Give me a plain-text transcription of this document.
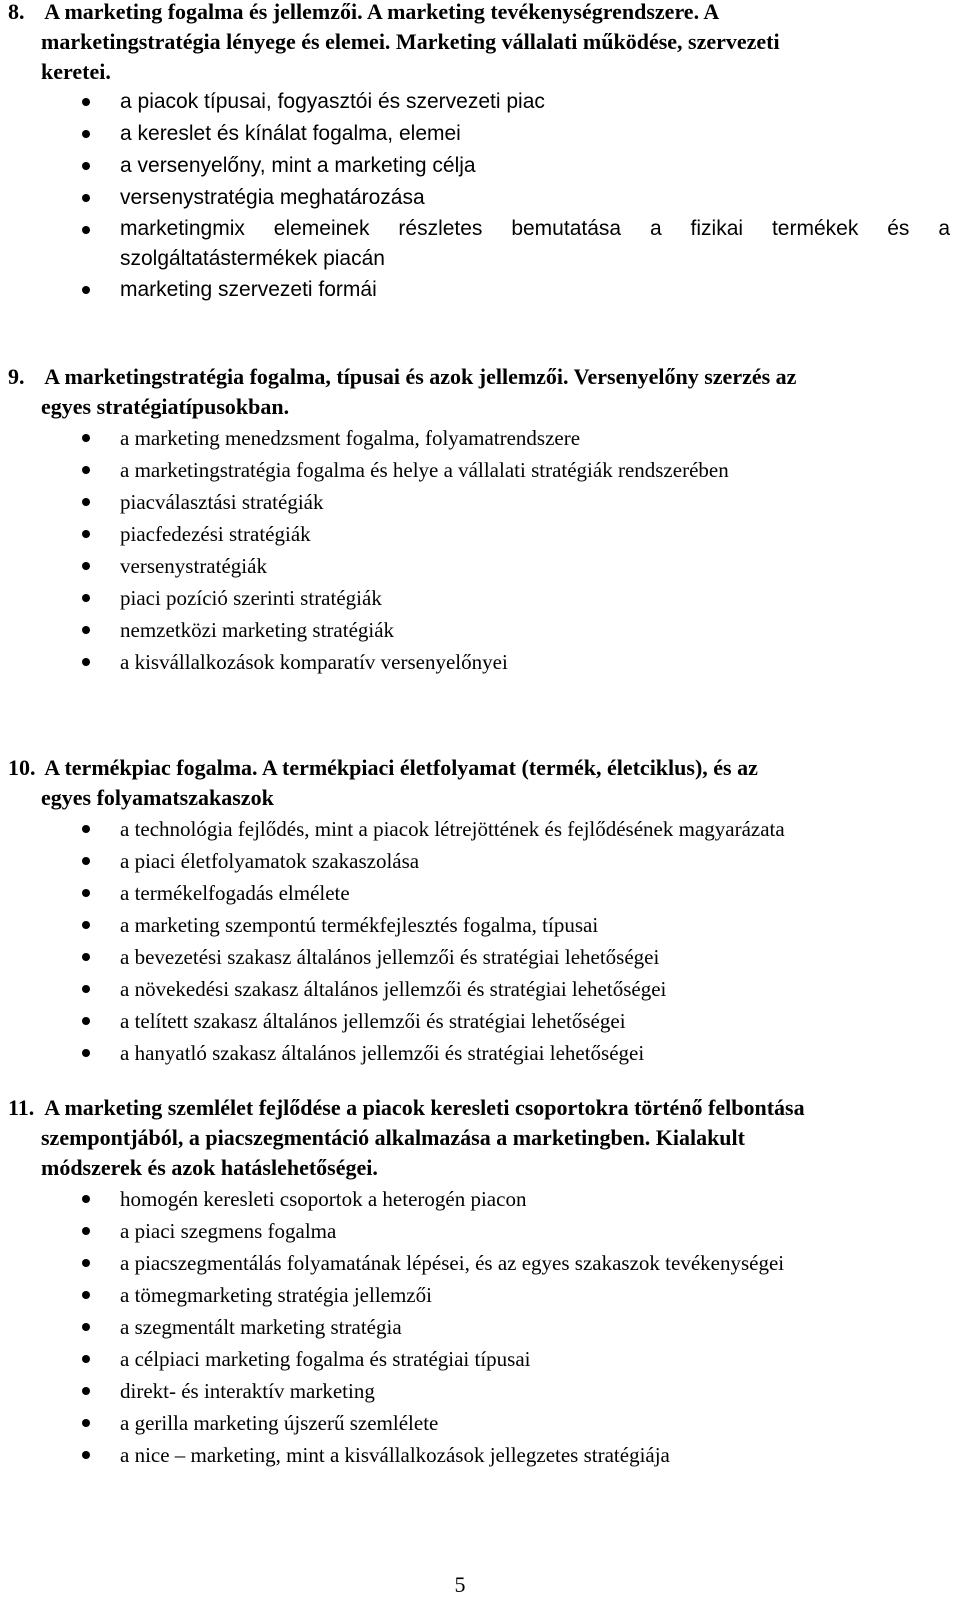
8. A marketing fogalma és jellemzői. A marketing tevékenységrendszere. A
marketingstratégia lényege és elemei. Marketing vállalati működése, szervezeti
keretei.
a piacok típusai, fogyasztói és szervezeti piac
a kereslet és kínálat fogalma, elemei
a versenyelőny, mint a marketing célja
versenystratégia meghatározása
marketingmix elemeinek részletes bemutatása a fizikai termékek és a szolgáltatástermékek piacán
marketing szervezeti formái
9. A marketingstratégia fogalma, típusai és azok jellemzői. Versenyelőny szerzés az
egyes stratégiatípusokban.
a marketing menedzsment fogalma, folyamatrendszere
a marketingstratégia fogalma és helye a vállalati stratégiák rendszerében
piacválasztási stratégiák
piacfedezési stratégiák
versenystratégiák
piaci pozíció szerinti stratégiák
nemzetközi marketing stratégiák
a kisvállalkozások komparatív versenyelőnyei
10. A termékpiac fogalma. A termékpiaci életfolyamat (termék, életciklus), és az
egyes folyamatszakaszok
a technológia fejlődés, mint a piacok létrejöttének és fejlődésének magyarázata
a piaci életfolyamatok szakaszolása
a termékelfogadás elmélete
a marketing szempontú termékfejlesztés fogalma, típusai
a bevezetési szakasz általános jellemzői és stratégiai lehetőségei
a növekedési szakasz általános jellemzői és stratégiai lehetőségei
a telített szakasz általános jellemzői és stratégiai lehetőségei
a hanyatló szakasz általános jellemzői és stratégiai lehetőségei
11. A marketing szemlélet fejlődése a piacok keresleti csoportokra történő felbontása
szempontjából, a piacszegmentáció alkalmazása a marketingben. Kialakult
módszerek és azok hatáslehetőségei.
homogén keresleti csoportok a heterogén piacon
a piaci szegmens fogalma
a piacszegmentálás folyamatának lépései, és az egyes szakaszok tevékenységei
a tömegmarketing stratégia jellemzői
a szegmentált marketing stratégia
a célpiaci marketing fogalma és stratégiai típusai
direkt- és interaktív marketing
a gerilla marketing újszerű szemlélete
a nice – marketing, mint a kisvállalkozások jellegzetes stratégiája
5
